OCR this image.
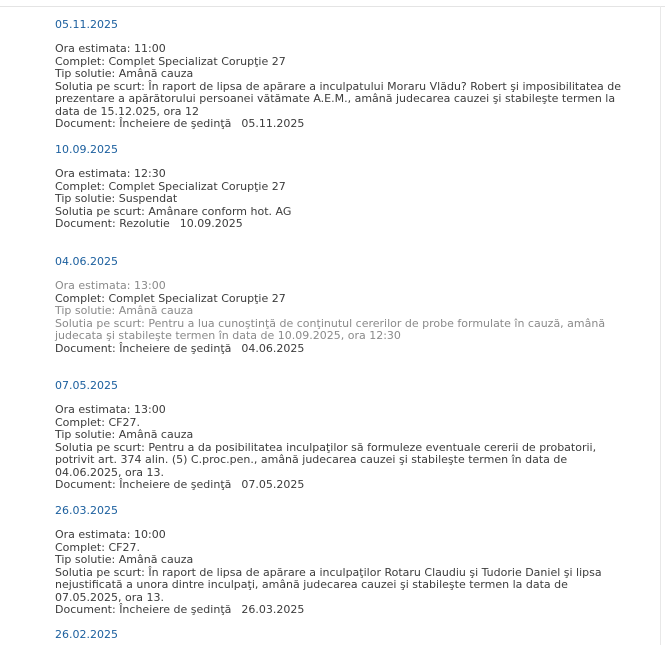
05.11.2025
Ora estimata: 11:00
Complet: Complet Specializat Corupţie 27
Tip solutie: Amână cauza
Solutia pe scurt: În raport de lipsa de apărare a inculpatului Moraru Vlădu? Robert şi imposibilitatea de prezentare a apărătorului persoanei vătămate A.E.M., amână judecarea cauzei şi stabileşte termen la data de 15.12.025, ora 12
Document: Încheiere de şedinţă 05.11.2025
10.09.2025
Ora estimata: 12:30
Complet: Complet Specializat Corupţie 27
Tip solutie: Suspendat
Solutia pe scurt: Amânare conform hot. AG
Document: Rezolutie 10.09.2025
04.06.2025
Ora estimata: 13:00
Complet: Complet Specializat Corupţie 27
Tip solutie: Amână cauza
Solutia pe scurt: Pentru a lua cunoştinţă de conţinutul cererilor de probe formulate în cauză, amână judecata şi stabileşte termen în data de 10.09.2025, ora 12:30
Document: Încheiere de şedinţă 04.06.2025
07.05.2025
Ora estimata: 13:00
Complet: CF27.
Tip solutie: Amână cauza
Solutia pe scurt: Pentru a da posibilitatea inculpaţilor să formuleze eventuale cererii de probatorii, potrivit art. 374 alin. (5) C.proc.pen., amână judecarea cauzei şi stabileşte termen în data de 04.06.2025, ora 13.
Document: Încheiere de şedinţă 07.05.2025
26.03.2025
Ora estimata: 10:00
Complet: CF27.
Tip solutie: Amână cauza
Solutia pe scurt: În raport de lipsa de apărare a inculpaţilor Rotaru Claudiu şi Tudorie Daniel şi lipsa nejustificată a unora dintre inculpaţi, amână judecarea cauzei şi stabileşte termen la data de 07.05.2025, ora 13.
Document: Încheiere de şedinţă 26.03.2025
26.02.2025
